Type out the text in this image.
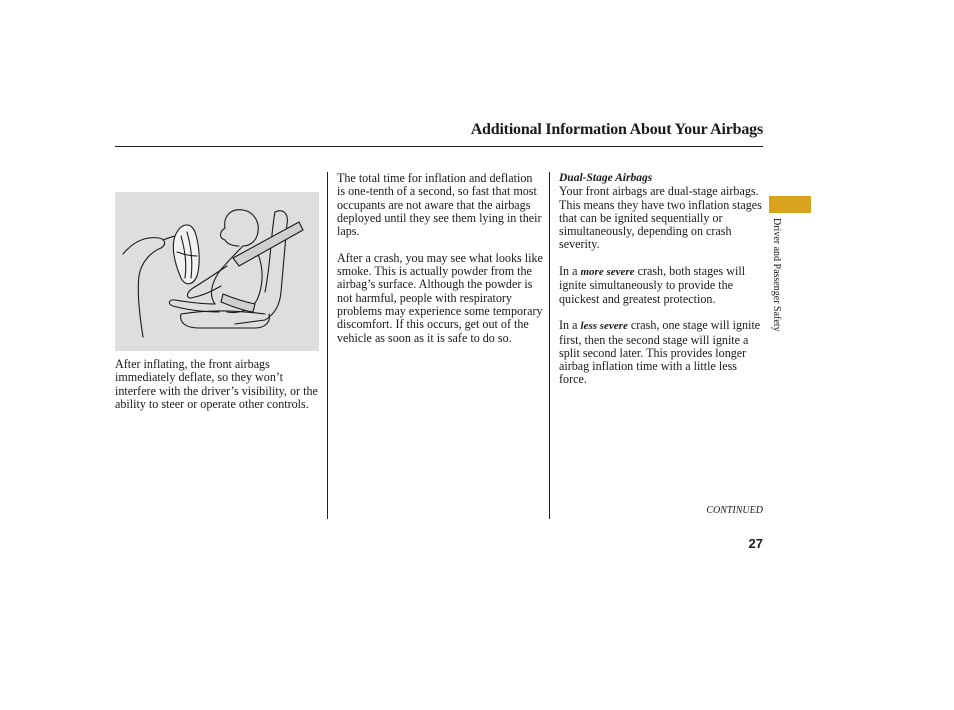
Additional Information About Your Airbags

After inflating, the front airbags immediately deflate, so they won’t interfere with the driver’s visibility, or the ability to steer or operate other controls.

The total time for inflation and deflation is one-tenth of a second, so fast that most occupants are not aware that the airbags deployed until they see them lying in their laps.

After a crash, you may see what looks like smoke. This is actually powder from the airbag’s surface. Although the powder is not harmful, people with respiratory problems may experience some temporary discomfort. If this occurs, get out of the vehicle as soon as it is safe to do so.

Dual-Stage Airbags

Your front airbags are dual-stage airbags. This means they have two inflation stages that can be ignited sequentially or simultaneously, depending on crash severity.

In a more severe crash, both stages will ignite simultaneously to provide the quickest and greatest protection.

In a less severe crash, one stage will ignite first, then the second stage will ignite a split second later. This provides longer airbag inflation time with a little less force.

Driver and Passenger Safety
CONTINUED
27
